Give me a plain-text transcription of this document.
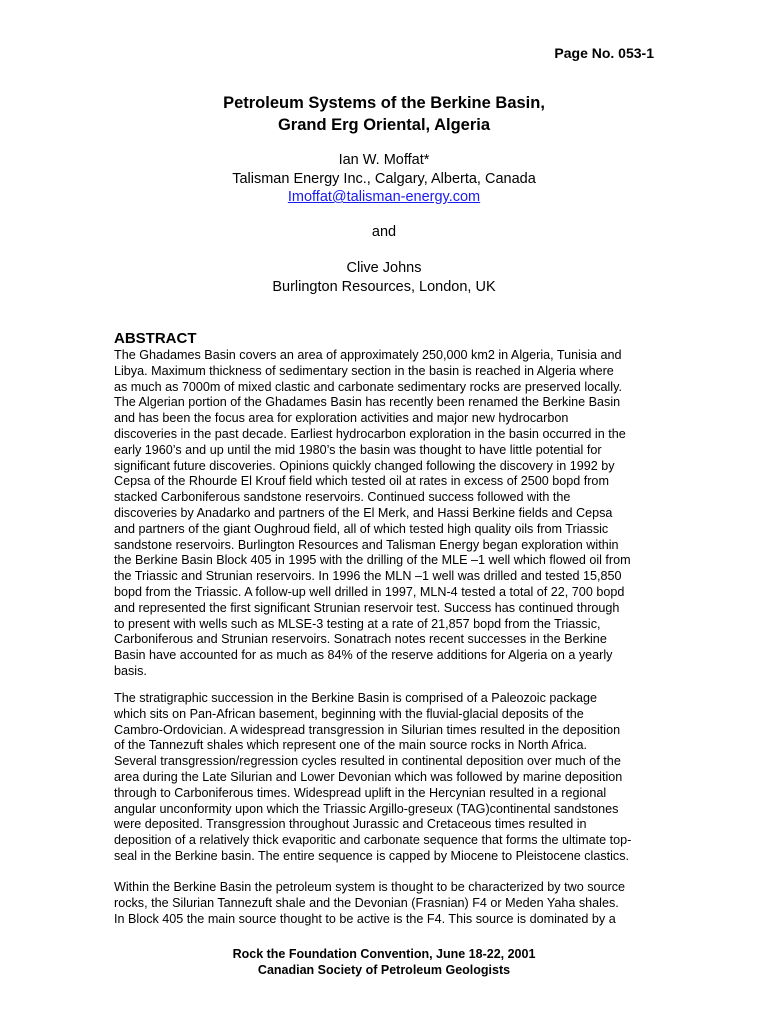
Page No. 053-1
Petroleum Systems of the Berkine Basin,
Grand Erg Oriental, Algeria
Ian W. Moffat*
Talisman Energy Inc., Calgary, Alberta, Canada
Imoffat@talisman-energy.com
and
Clive Johns
Burlington Resources, London, UK
ABSTRACT
The Ghadames Basin covers an area of approximately 250,000 km2 in Algeria, Tunisia and
Libya. Maximum thickness of sedimentary section in the basin is reached in Algeria where
as much as 7000m of mixed clastic and carbonate sedimentary rocks are preserved locally.
The Algerian portion of the Ghadames Basin has recently been renamed the Berkine Basin
and has been the focus area for exploration activities and major new hydrocarbon
discoveries in the past decade. Earliest hydrocarbon exploration in the basin occurred in the
early 1960’s and up until the mid 1980’s the basin was thought to have little potential for
significant future discoveries. Opinions quickly changed following the discovery in 1992 by
Cepsa of the Rhourde El Krouf field which tested oil at rates in excess of 2500 bopd from
stacked Carboniferous sandstone reservoirs. Continued success followed with the
discoveries by Anadarko and partners of the El Merk, and Hassi Berkine fields and Cepsa
and partners of the giant Oughroud field, all of which tested high quality oils from Triassic
sandstone reservoirs. Burlington Resources and Talisman Energy began exploration within
the Berkine Basin Block 405 in 1995 with the drilling of the MLE –1 well which flowed oil from
the Triassic and Strunian reservoirs. In 1996 the MLN –1 well was drilled and tested 15,850
bopd from the Triassic. A follow-up well drilled in 1997, MLN-4 tested a total of 22, 700 bopd
and represented the first significant Strunian reservoir test. Success has continued through
to present with wells such as MLSE-3 testing at a rate of 21,857 bopd from the Triassic,
Carboniferous and Strunian reservoirs. Sonatrach notes recent successes in the Berkine
Basin have accounted for as much as 84% of the reserve additions for Algeria on a yearly
basis.
The stratigraphic succession in the Berkine Basin is comprised of a Paleozoic package
which sits on Pan-African basement, beginning with the fluvial-glacial deposits of the
Cambro-Ordovician. A widespread transgression in Silurian times resulted in the deposition
of the Tannezuft shales which represent one of the main source rocks in North Africa.
Several transgression/regression cycles resulted in continental deposition over much of the
area during the Late Silurian and Lower Devonian which was followed by marine deposition
through to Carboniferous times. Widespread uplift in the Hercynian resulted in a regional
angular unconformity upon which the Triassic Argillo-greseux (TAG)continental sandstones
were deposited. Transgression throughout Jurassic and Cretaceous times resulted in
deposition of a relatively thick evaporitic and carbonate sequence that forms the ultimate top-
seal in the Berkine basin. The entire sequence is capped by Miocene to Pleistocene clastics.
Within the Berkine Basin the petroleum system is thought to be characterized by two source
rocks, the Silurian Tannezuft shale and the Devonian (Frasnian) F4 or Meden Yaha shales.
In Block 405 the main source thought to be active is the F4. This source is dominated by a
Rock the Foundation Convention, June 18-22, 2001
Canadian Society of Petroleum Geologists
